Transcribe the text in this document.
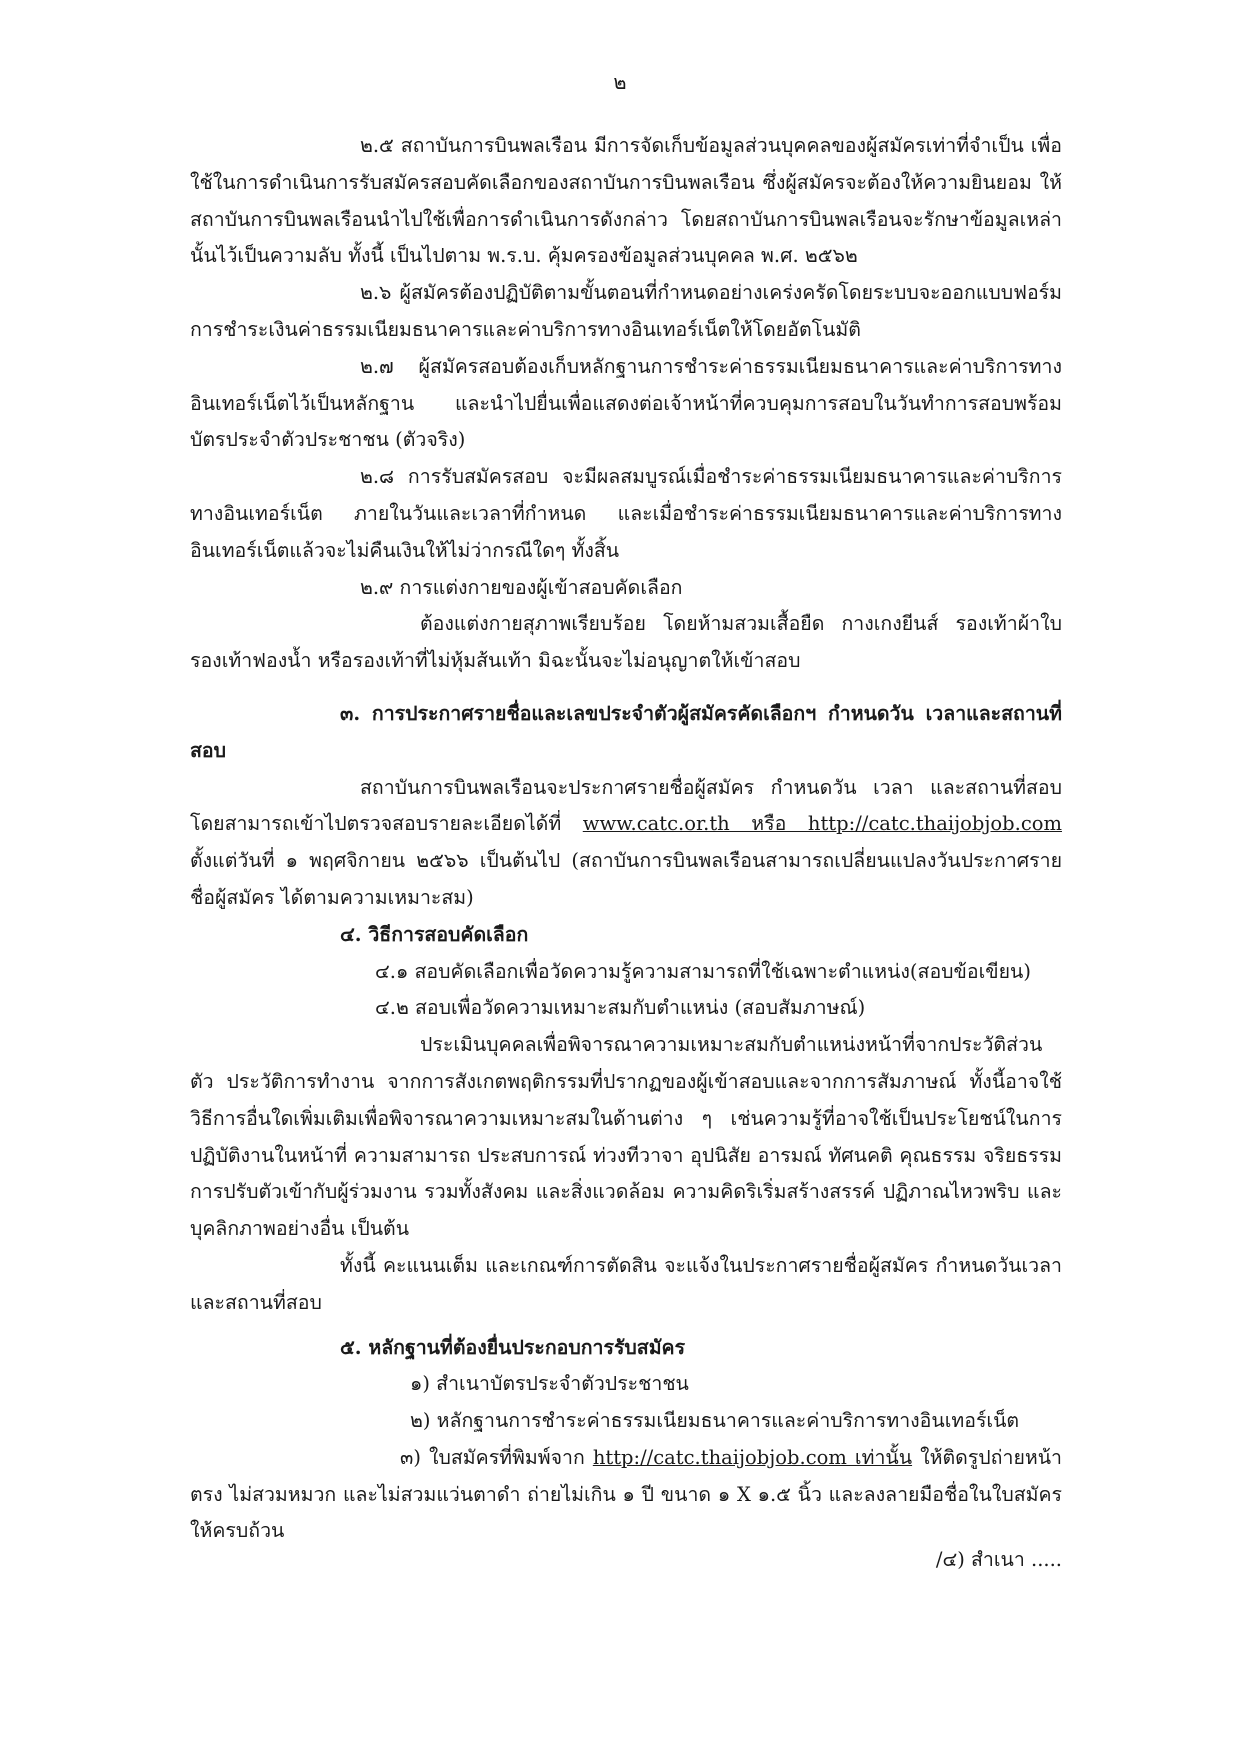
๒

๒.๕ สถาบันการบินพลเรือน มีการจัดเก็บข้อมูลส่วนบุคคลของผู้สมัครเท่าที่จำเป็น เพื่อใช้ในการดำเนินการรับสมัครสอบคัดเลือกของสถาบันการบินพลเรือน ซึ่งผู้สมัครจะต้องให้ความยินยอม ให้สถาบันการบินพลเรือนนำไปใช้เพื่อการดำเนินการดังกล่าว โดยสถาบันการบินพลเรือนจะรักษาข้อมูลเหล่านั้นไว้เป็นความลับ ทั้งนี้ เป็นไปตาม พ.ร.บ. คุ้มครองข้อมูลส่วนบุคคล พ.ศ. ๒๕๖๒

๒.๖ ผู้สมัครต้องปฏิบัติตามขั้นตอนที่กำหนดอย่างเคร่งครัดโดยระบบจะออกแบบฟอร์มการชำระเงินค่าธรรมเนียมธนาคารและค่าบริการทางอินเทอร์เน็ตให้โดยอัตโนมัติ

๒.๗ ผู้สมัครสอบต้องเก็บหลักฐานการชำระค่าธรรมเนียมธนาคารและค่าบริการทางอินเทอร์เน็ตไว้เป็นหลักฐาน และนำไปยื่นเพื่อแสดงต่อเจ้าหน้าที่ควบคุมการสอบในวันทำการสอบพร้อมบัตรประจำตัวประชาชน (ตัวจริง)

๒.๘ การรับสมัครสอบ จะมีผลสมบูรณ์เมื่อชำระค่าธรรมเนียมธนาคารและค่าบริการทางอินเทอร์เน็ต ภายในวันและเวลาที่กำหนด และเมื่อชำระค่าธรรมเนียมธนาคารและค่าบริการทางอินเทอร์เน็ตแล้วจะไม่คืนเงินให้ไม่ว่ากรณีใดๆ ทั้งสิ้น

๒.๙ การแต่งกายของผู้เข้าสอบคัดเลือก

ต้องแต่งกายสุภาพเรียบร้อย โดยห้ามสวมเสื้อยืด กางเกงยีนส์ รองเท้าผ้าใบ รองเท้าฟองน้ำ หรือรองเท้าที่ไม่หุ้มส้นเท้า มิฉะนั้นจะไม่อนุญาตให้เข้าสอบ

๓. การประกาศรายชื่อและเลขประจำตัวผู้สมัครคัดเลือกฯ กำหนดวัน เวลาและสถานที่สอบ

สถาบันการบินพลเรือนจะประกาศรายชื่อผู้สมัคร กำหนดวัน เวลา และสถานที่สอบ โดยสามารถเข้าไปตรวจสอบรายละเอียดได้ที่ www.catc.or.th หรือ http://catc.thaijobjob.com ตั้งแต่วันที่ ๑ พฤศจิกายน ๒๕๖๖ เป็นต้นไป (สถาบันการบินพลเรือนสามารถเปลี่ยนแปลงวันประกาศรายชื่อผู้สมัคร ได้ตามความเหมาะสม)

๔. วิธีการสอบคัดเลือก

๔.๑ สอบคัดเลือกเพื่อวัดความรู้ความสามารถที่ใช้เฉพาะตำแหน่ง(สอบข้อเขียน)

๔.๒ สอบเพื่อวัดความเหมาะสมกับตำแหน่ง (สอบสัมภาษณ์)

ประเมินบุคคลเพื่อพิจารณาความเหมาะสมกับตำแหน่งหน้าที่จากประวัติส่วนตัว ประวัติการทำงาน จากการสังเกตพฤติกรรมที่ปรากฏของผู้เข้าสอบและจากการสัมภาษณ์ ทั้งนี้อาจใช้วิธีการอื่นใดเพิ่มเติมเพื่อพิจารณาความเหมาะสมในด้านต่าง ๆ เช่นความรู้ที่อาจใช้เป็นประโยชน์ในการปฏิบัติงานในหน้าที่ ความสามารถ ประสบการณ์ ท่วงทีวาจา อุปนิสัย อารมณ์ ทัศนคติ คุณธรรม จริยธรรม การปรับตัวเข้ากับผู้ร่วมงาน รวมทั้งสังคม และสิ่งแวดล้อม ความคิดริเริ่มสร้างสรรค์ ปฏิภาณไหวพริบ และบุคลิกภาพอย่างอื่น เป็นต้น

ทั้งนี้ คะแนนเต็ม และเกณฑ์การตัดสิน จะแจ้งในประกาศรายชื่อผู้สมัคร กำหนดวันเวลา และสถานที่สอบ

๕. หลักฐานที่ต้องยื่นประกอบการรับสมัคร

๑) สำเนาบัตรประจำตัวประชาชน

๒) หลักฐานการชำระค่าธรรมเนียมธนาคารและค่าบริการทางอินเทอร์เน็ต

๓) ใบสมัครที่พิมพ์จาก http://catc.thaijobjob.com เท่านั้น ให้ติดรูปถ่ายหน้าตรง ไม่สวมหมวก และไม่สวมแว่นตาดำ ถ่ายไม่เกิน ๑ ปี ขนาด ๑ X ๑.๕ นิ้ว และลงลายมือชื่อในใบสมัครให้ครบถ้วน

/๔) สำเนา .....
